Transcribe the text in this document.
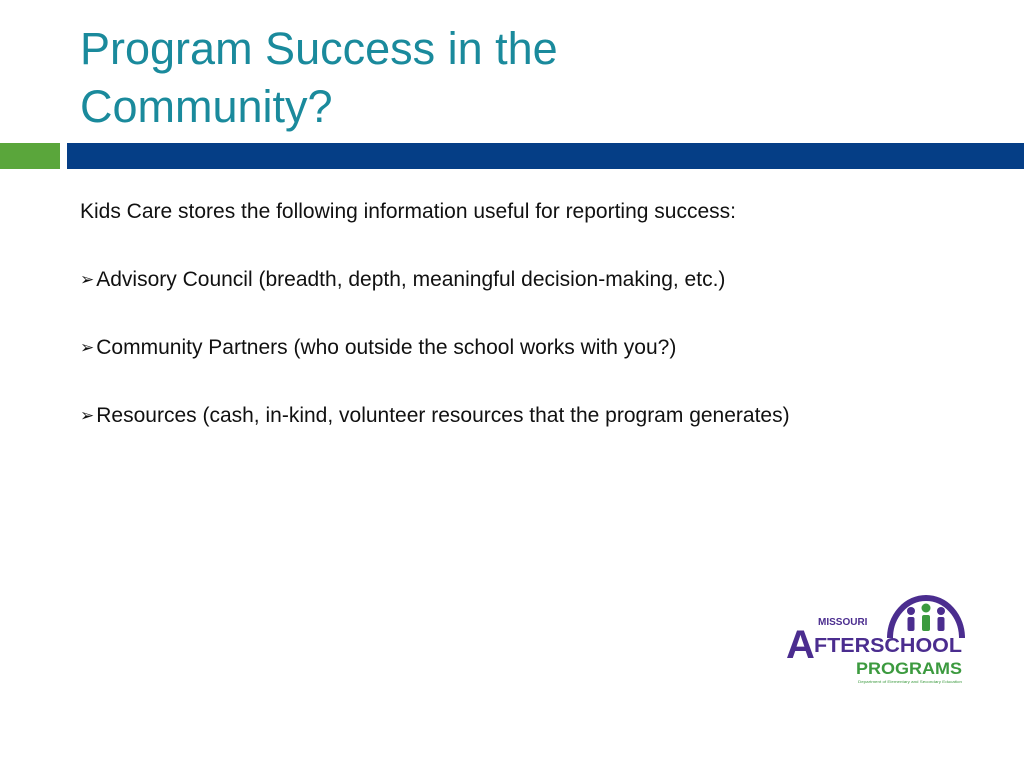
Program Success in the
Community?

Kids Care stores the following information useful for reporting success:

➢Advisory Council (breadth, depth, meaningful decision-making, etc.)

➢Community Partners (who outside the school works with you?)

➢Resources (cash, in-kind, volunteer resources that the program generates)

MISSOURI
A FTERSCHOOL
PROGRAMS
Department of Elementary and Secondary Education
